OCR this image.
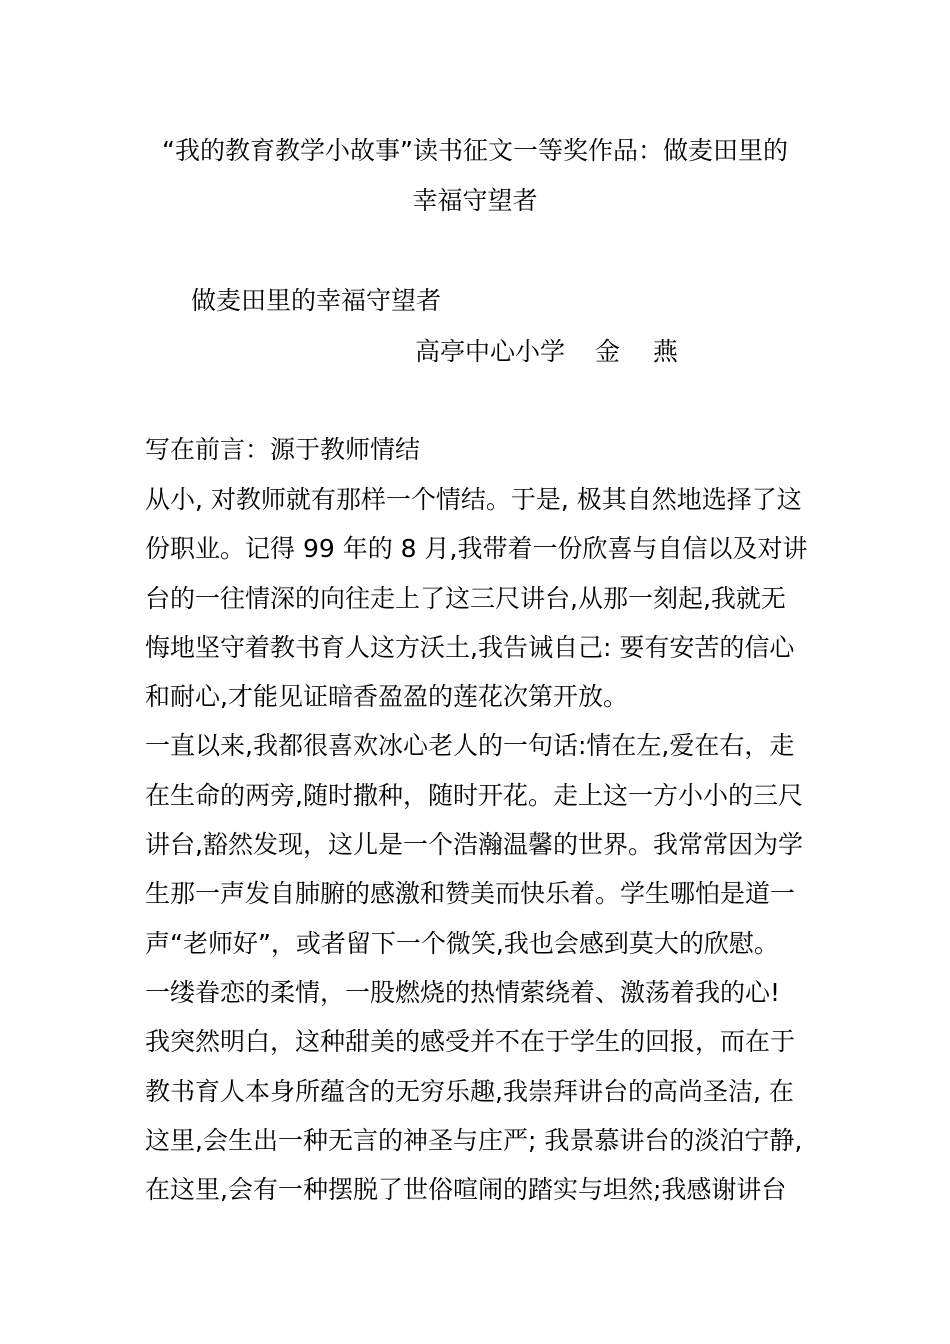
“我的教育教学小故事”读书征文一等奖作品：做麦田里的
幸福守望者
做麦田里的幸福守望者
高亭中心小学 金　 燕
写在前言：源于教师情结
从小, 对教师就有那样一个情结。于是, 极其自然地选择了这
份职业。记得 99 年的 8 月,我带着一份欣喜与自信以及对讲
台的一往情深的向往走上了这三尺讲台,从那一刻起,我就无
悔地坚守着教书育人这方沃土,我告诫自己: 要有安苦的信心
和耐心,才能见证暗香盈盈的莲花次第开放。
一直以来,我都很喜欢冰心老人的一句话:情在左,爱在右，走
在生命的两旁,随时撒种，随时开花。走上这一方小小的三尺
讲台,豁然发现，这儿是一个浩瀚温馨的世界。我常常因为学
生那一声发自肺腑的感激和赞美而快乐着。学生哪怕是道一
声“老师好”，或者留下一个微笑,我也会感到莫大的欣慰。
一缕眷恋的柔情，一股燃烧的热情萦绕着、激荡着我的心!
我突然明白，这种甜美的感受并不在于学生的回报，而在于
教书育人本身所蕴含的无穷乐趣,我崇拜讲台的高尚圣洁, 在
这里,会生出一种无言的神圣与庄严; 我景慕讲台的淡泊宁静,
在这里,会有一种摆脱了世俗喧闹的踏实与坦然;我感谢讲台
